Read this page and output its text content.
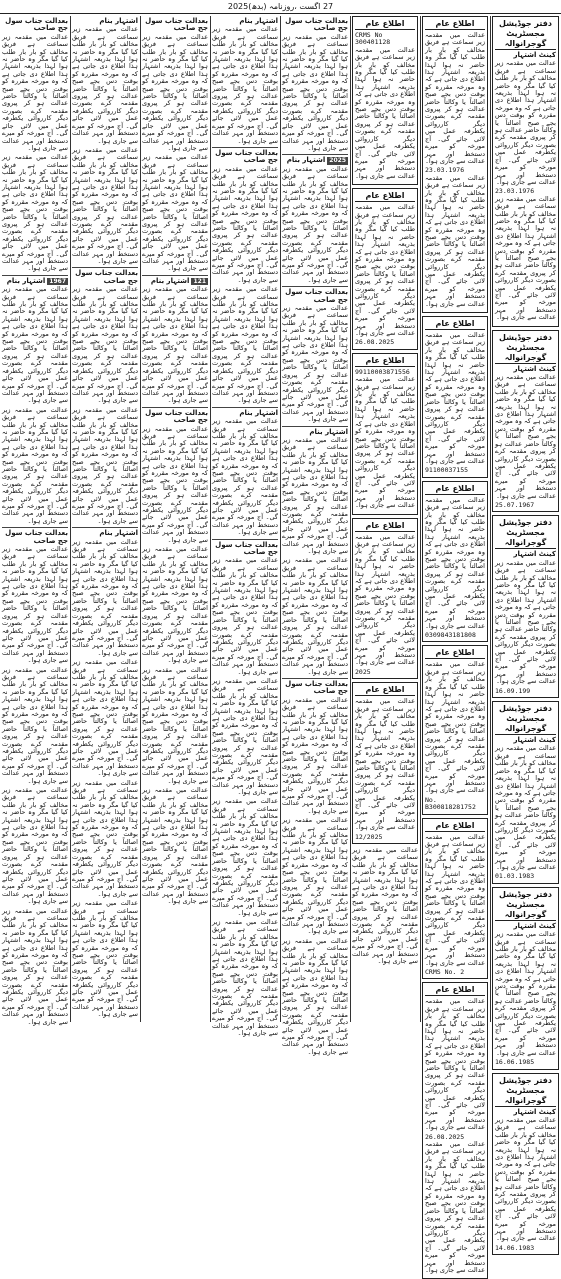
2025(بدھ) 27 اگست ،روزنامہ
دفتر جوڈیشل مجسٹریٹ گوجرانوالہ
کینٹ اشتہار
عدالت میں مقدمہ زیر سماعت ہے فریق مخالف کو بار بار طلب کیا گیا مگر وہ حاضر نہ ہوا لہذا بذریعہ اشتہار ہذا اطلاع دی جاتی ہے کہ وہ مورخہ مقررہ کو بوقت دس بجے صبح اصالتاً یا وکالتاً حاضر عدالت ہو کر پیروی مقدمہ کرے بصورت دیگر کارروائی یکطرفہ عمل میں لائی جائے گی۔ آج مورخہ کو میرے دستخط اور مہر عدالت سے جاری ہوا۔
23.03.1976
عدالت میں مقدمہ زیر سماعت ہے فریق مخالف کو بار بار طلب کیا گیا مگر وہ حاضر نہ ہوا لہذا بذریعہ اشتہار ہذا اطلاع دی جاتی ہے کہ وہ مورخہ مقررہ کو بوقت دس بجے صبح اصالتاً یا وکالتاً حاضر عدالت ہو کر پیروی مقدمہ کرے بصورت دیگر کارروائی یکطرفہ عمل میں لائی جائے گی۔ آج مورخہ کو میرے دستخط اور مہر عدالت سے جاری ہوا۔
دفتر جوڈیشل مجسٹریٹ گوجرانوالہ
کینٹ اشتہار
عدالت میں مقدمہ زیر سماعت ہے فریق مخالف کو بار بار طلب کیا گیا مگر وہ حاضر نہ ہوا لہذا بذریعہ اشتہار ہذا اطلاع دی جاتی ہے کہ وہ مورخہ مقررہ کو بوقت دس بجے صبح اصالتاً یا وکالتاً حاضر عدالت ہو کر پیروی مقدمہ کرے بصورت دیگر کارروائی یکطرفہ عمل میں لائی جائے گی۔ آج مورخہ کو میرے دستخط اور مہر عدالت سے جاری ہوا۔
25.07.1967
دفتر جوڈیشل مجسٹریٹ گوجرانوالہ
کینٹ اشتہار
عدالت میں مقدمہ زیر سماعت ہے فریق مخالف کو بار بار طلب کیا گیا مگر وہ حاضر نہ ہوا لہذا بذریعہ اشتہار ہذا اطلاع دی جاتی ہے کہ وہ مورخہ مقررہ کو بوقت دس بجے صبح اصالتاً یا وکالتاً حاضر عدالت ہو کر پیروی مقدمہ کرے بصورت دیگر کارروائی یکطرفہ عمل میں لائی جائے گی۔ آج مورخہ کو میرے دستخط اور مہر عدالت سے جاری ہوا۔
16.09.199
دفتر جوڈیشل مجسٹریٹ گوجرانوالہ
کینٹ اشتہار
عدالت میں مقدمہ زیر سماعت ہے فریق مخالف کو بار بار طلب کیا گیا مگر وہ حاضر نہ ہوا لہذا بذریعہ اشتہار ہذا اطلاع دی جاتی ہے کہ وہ مورخہ مقررہ کو بوقت دس بجے صبح اصالتاً یا وکالتاً حاضر عدالت ہو کر پیروی مقدمہ کرے بصورت دیگر کارروائی یکطرفہ عمل میں لائی جائے گی۔ آج مورخہ کو میرے دستخط اور مہر عدالت سے جاری ہوا۔
01.03.1983
دفتر جوڈیشل مجسٹریٹ گوجرانوالہ
کینٹ اشتہار
عدالت میں مقدمہ زیر سماعت ہے فریق مخالف کو بار بار طلب کیا گیا مگر وہ حاضر نہ ہوا لہذا بذریعہ اشتہار ہذا اطلاع دی جاتی ہے کہ وہ مورخہ مقررہ کو بوقت دس بجے صبح اصالتاً یا وکالتاً حاضر عدالت ہو کر پیروی مقدمہ کرے بصورت دیگر کارروائی یکطرفہ عمل میں لائی جائے گی۔ آج مورخہ کو میرے دستخط اور مہر عدالت سے جاری ہوا۔
16.06.1985
دفتر جوڈیشل مجسٹریٹ گوجرانوالہ
کینٹ اشتہار
عدالت میں مقدمہ زیر سماعت ہے فریق مخالف کو بار بار طلب کیا گیا مگر وہ حاضر نہ ہوا لہذا بذریعہ اشتہار ہذا اطلاع دی جاتی ہے کہ وہ مورخہ مقررہ کو بوقت دس بجے صبح اصالتاً یا وکالتاً حاضر عدالت ہو کر پیروی مقدمہ کرے بصورت دیگر کارروائی یکطرفہ عمل میں لائی جائے گی۔ آج مورخہ کو میرے دستخط اور مہر عدالت سے جاری ہوا۔
14.06.1983
اطلاع عام
عدالت میں مقدمہ زیر سماعت ہے فریق مخالف کو بار بار طلب کیا گیا مگر وہ حاضر نہ ہوا لہذا بذریعہ اشتہار ہذا اطلاع دی جاتی ہے کہ وہ مورخہ مقررہ کو بوقت دس بجے صبح اصالتاً یا وکالتاً حاضر عدالت ہو کر پیروی مقدمہ کرے بصورت دیگر کارروائی یکطرفہ عمل میں لائی جائے گی۔ آج مورخہ کو میرے دستخط اور مہر عدالت سے جاری ہوا۔
23.03.1976
عدالت میں مقدمہ زیر سماعت ہے فریق مخالف کو بار بار طلب کیا گیا مگر وہ حاضر نہ ہوا لہذا بذریعہ اشتہار ہذا اطلاع دی جاتی ہے کہ وہ مورخہ مقررہ کو بوقت دس بجے صبح اصالتاً یا وکالتاً حاضر عدالت ہو کر پیروی مقدمہ کرے بصورت دیگر کارروائی یکطرفہ عمل میں لائی جائے گی۔ آج مورخہ کو میرے دستخط اور مہر عدالت سے جاری ہوا۔
اطلاع عام
عدالت میں مقدمہ زیر سماعت ہے فریق مخالف کو بار بار طلب کیا گیا مگر وہ حاضر نہ ہوا لہذا بذریعہ اشتہار ہذا اطلاع دی جاتی ہے کہ وہ مورخہ مقررہ کو بوقت دس بجے صبح اصالتاً یا وکالتاً حاضر عدالت ہو کر پیروی مقدمہ کرے بصورت دیگر کارروائی یکطرفہ عمل میں لائی جائے گی۔ آج مورخہ کو میرے دستخط اور مہر عدالت سے جاری ہوا۔
91100037155
اطلاع عام
عدالت میں مقدمہ زیر سماعت ہے فریق مخالف کو بار بار طلب کیا گیا مگر وہ حاضر نہ ہوا لہذا بذریعہ اشتہار ہذا اطلاع دی جاتی ہے کہ وہ مورخہ مقررہ کو بوقت دس بجے صبح اصالتاً یا وکالتاً حاضر عدالت ہو کر پیروی مقدمہ کرے بصورت دیگر کارروائی یکطرفہ عمل میں لائی جائے گی۔ آج مورخہ کو میرے دستخط اور مہر عدالت سے جاری ہوا۔
0309843181808
اطلاع عام
عدالت میں مقدمہ زیر سماعت ہے فریق مخالف کو بار بار طلب کیا گیا مگر وہ حاضر نہ ہوا لہذا بذریعہ اشتہار ہذا اطلاع دی جاتی ہے کہ وہ مورخہ مقررہ کو بوقت دس بجے صبح اصالتاً یا وکالتاً حاضر عدالت ہو کر پیروی مقدمہ کرے بصورت دیگر کارروائی یکطرفہ عمل میں لائی جائے گی۔ آج مورخہ کو میرے دستخط اور مہر عدالت سے جاری ہوا۔
No. B300818281752
اطلاع عام
عدالت میں مقدمہ زیر سماعت ہے فریق مخالف کو بار بار طلب کیا گیا مگر وہ حاضر نہ ہوا لہذا بذریعہ اشتہار ہذا اطلاع دی جاتی ہے کہ وہ مورخہ مقررہ کو بوقت دس بجے صبح اصالتاً یا وکالتاً حاضر عدالت ہو کر پیروی مقدمہ کرے بصورت دیگر کارروائی یکطرفہ عمل میں لائی جائے گی۔ آج مورخہ کو میرے دستخط اور مہر عدالت سے جاری ہوا۔
CRMS No. 2
اطلاع عام
عدالت میں مقدمہ زیر سماعت ہے فریق مخالف کو بار بار طلب کیا گیا مگر وہ حاضر نہ ہوا لہذا بذریعہ اشتہار ہذا اطلاع دی جاتی ہے کہ وہ مورخہ مقررہ کو بوقت دس بجے صبح اصالتاً یا وکالتاً حاضر عدالت ہو کر پیروی مقدمہ کرے بصورت دیگر کارروائی یکطرفہ عمل میں لائی جائے گی۔ آج مورخہ کو میرے دستخط اور مہر عدالت سے جاری ہوا۔
26.08.2025
عدالت میں مقدمہ زیر سماعت ہے فریق مخالف کو بار بار طلب کیا گیا مگر وہ حاضر نہ ہوا لہذا بذریعہ اشتہار ہذا اطلاع دی جاتی ہے کہ وہ مورخہ مقررہ کو بوقت دس بجے صبح اصالتاً یا وکالتاً حاضر عدالت ہو کر پیروی مقدمہ کرے بصورت دیگر کارروائی یکطرفہ عمل میں لائی جائے گی۔ آج مورخہ کو میرے دستخط اور مہر عدالت سے جاری ہوا۔
اطلاع عام
CRMS No 300401128
عدالت میں مقدمہ زیر سماعت ہے فریق مخالف کو بار بار طلب کیا گیا مگر وہ حاضر نہ ہوا لہذا بذریعہ اشتہار ہذا اطلاع دی جاتی ہے کہ وہ مورخہ مقررہ کو بوقت دس بجے صبح اصالتاً یا وکالتاً حاضر عدالت ہو کر پیروی مقدمہ کرے بصورت دیگر کارروائی یکطرفہ عمل میں لائی جائے گی۔ آج مورخہ کو میرے دستخط اور مہر عدالت سے جاری ہوا۔
اطلاع عام
عدالت میں مقدمہ زیر سماعت ہے فریق مخالف کو بار بار طلب کیا گیا مگر وہ حاضر نہ ہوا لہذا بذریعہ اشتہار ہذا اطلاع دی جاتی ہے کہ وہ مورخہ مقررہ کو بوقت دس بجے صبح اصالتاً یا وکالتاً حاضر عدالت ہو کر پیروی مقدمہ کرے بصورت دیگر کارروائی یکطرفہ عمل میں لائی جائے گی۔ آج مورخہ کو میرے دستخط اور مہر عدالت سے جاری ہوا۔
26.08.2025
اطلاع عام
99110003871556
عدالت میں مقدمہ زیر سماعت ہے فریق مخالف کو بار بار طلب کیا گیا مگر وہ حاضر نہ ہوا لہذا بذریعہ اشتہار ہذا اطلاع دی جاتی ہے کہ وہ مورخہ مقررہ کو بوقت دس بجے صبح اصالتاً یا وکالتاً حاضر عدالت ہو کر پیروی مقدمہ کرے بصورت دیگر کارروائی یکطرفہ عمل میں لائی جائے گی۔ آج مورخہ کو میرے دستخط اور مہر عدالت سے جاری ہوا۔
اطلاع عام
عدالت میں مقدمہ زیر سماعت ہے فریق مخالف کو بار بار طلب کیا گیا مگر وہ حاضر نہ ہوا لہذا بذریعہ اشتہار ہذا اطلاع دی جاتی ہے کہ وہ مورخہ مقررہ کو بوقت دس بجے صبح اصالتاً یا وکالتاً حاضر عدالت ہو کر پیروی مقدمہ کرے بصورت دیگر کارروائی یکطرفہ عمل میں لائی جائے گی۔ آج مورخہ کو میرے دستخط اور مہر عدالت سے جاری ہوا۔
2025
اطلاع عام
عدالت میں مقدمہ زیر سماعت ہے فریق مخالف کو بار بار طلب کیا گیا مگر وہ حاضر نہ ہوا لہذا بذریعہ اشتہار ہذا اطلاع دی جاتی ہے کہ وہ مورخہ مقررہ کو بوقت دس بجے صبح اصالتاً یا وکالتاً حاضر عدالت ہو کر پیروی مقدمہ کرے بصورت دیگر کارروائی یکطرفہ عمل میں لائی جائے گی۔ آج مورخہ کو میرے دستخط اور مہر عدالت سے جاری ہوا۔
12/2025
عدالت میں مقدمہ زیر سماعت ہے فریق مخالف کو بار بار طلب کیا گیا مگر وہ حاضر نہ ہوا لہذا بذریعہ اشتہار ہذا اطلاع دی جاتی ہے کہ وہ مورخہ مقررہ کو بوقت دس بجے صبح اصالتاً یا وکالتاً حاضر عدالت ہو کر پیروی مقدمہ کرے بصورت دیگر کارروائی یکطرفہ عمل میں لائی جائے گی۔ آج مورخہ کو میرے دستخط اور مہر عدالت سے جاری ہوا۔
بعدالت جناب سول جج صاحب
عدالت میں مقدمہ زیر سماعت ہے فریق مخالف کو بار بار طلب کیا گیا مگر وہ حاضر نہ ہوا لہذا بذریعہ اشتہار ہذا اطلاع دی جاتی ہے کہ وہ مورخہ مقررہ کو بوقت دس بجے صبح اصالتاً یا وکالتاً حاضر عدالت ہو کر پیروی مقدمہ کرے بصورت دیگر کارروائی یکطرفہ عمل میں لائی جائے گی۔ آج مورخہ کو میرے دستخط اور مہر عدالت سے جاری ہوا۔
2025اشتہار بنام
عدالت میں مقدمہ زیر سماعت ہے فریق مخالف کو بار بار طلب کیا گیا مگر وہ حاضر نہ ہوا لہذا بذریعہ اشتہار ہذا اطلاع دی جاتی ہے کہ وہ مورخہ مقررہ کو بوقت دس بجے صبح اصالتاً یا وکالتاً حاضر عدالت ہو کر پیروی مقدمہ کرے بصورت دیگر کارروائی یکطرفہ عمل میں لائی جائے گی۔ آج مورخہ کو میرے دستخط اور مہر عدالت سے جاری ہوا۔
بعدالت جناب سول جج صاحب
عدالت میں مقدمہ زیر سماعت ہے فریق مخالف کو بار بار طلب کیا گیا مگر وہ حاضر نہ ہوا لہذا بذریعہ اشتہار ہذا اطلاع دی جاتی ہے کہ وہ مورخہ مقررہ کو بوقت دس بجے صبح اصالتاً یا وکالتاً حاضر عدالت ہو کر پیروی مقدمہ کرے بصورت دیگر کارروائی یکطرفہ عمل میں لائی جائے گی۔ آج مورخہ کو میرے دستخط اور مہر عدالت سے جاری ہوا۔
اشتہار بنام
عدالت میں مقدمہ زیر سماعت ہے فریق مخالف کو بار بار طلب کیا گیا مگر وہ حاضر نہ ہوا لہذا بذریعہ اشتہار ہذا اطلاع دی جاتی ہے کہ وہ مورخہ مقررہ کو بوقت دس بجے صبح اصالتاً یا وکالتاً حاضر عدالت ہو کر پیروی مقدمہ کرے بصورت دیگر کارروائی یکطرفہ عمل میں لائی جائے گی۔ آج مورخہ کو میرے دستخط اور مہر عدالت سے جاری ہوا۔
عدالت میں مقدمہ زیر سماعت ہے فریق مخالف کو بار بار طلب کیا گیا مگر وہ حاضر نہ ہوا لہذا بذریعہ اشتہار ہذا اطلاع دی جاتی ہے کہ وہ مورخہ مقررہ کو بوقت دس بجے صبح اصالتاً یا وکالتاً حاضر عدالت ہو کر پیروی مقدمہ کرے بصورت دیگر کارروائی یکطرفہ عمل میں لائی جائے گی۔ آج مورخہ کو میرے دستخط اور مہر عدالت سے جاری ہوا۔
بعدالت جناب سول جج صاحب
عدالت میں مقدمہ زیر سماعت ہے فریق مخالف کو بار بار طلب کیا گیا مگر وہ حاضر نہ ہوا لہذا بذریعہ اشتہار ہذا اطلاع دی جاتی ہے کہ وہ مورخہ مقررہ کو بوقت دس بجے صبح اصالتاً یا وکالتاً حاضر عدالت ہو کر پیروی مقدمہ کرے بصورت دیگر کارروائی یکطرفہ عمل میں لائی جائے گی۔ آج مورخہ کو میرے دستخط اور مہر عدالت سے جاری ہوا۔
عدالت میں مقدمہ زیر سماعت ہے فریق مخالف کو بار بار طلب کیا گیا مگر وہ حاضر نہ ہوا لہذا بذریعہ اشتہار ہذا اطلاع دی جاتی ہے کہ وہ مورخہ مقررہ کو بوقت دس بجے صبح اصالتاً یا وکالتاً حاضر عدالت ہو کر پیروی مقدمہ کرے بصورت دیگر کارروائی یکطرفہ عمل میں لائی جائے گی۔ آج مورخہ کو میرے دستخط اور مہر عدالت سے جاری ہوا۔
عدالت میں مقدمہ زیر سماعت ہے فریق مخالف کو بار بار طلب کیا گیا مگر وہ حاضر نہ ہوا لہذا بذریعہ اشتہار ہذا اطلاع دی جاتی ہے کہ وہ مورخہ مقررہ کو بوقت دس بجے صبح اصالتاً یا وکالتاً حاضر عدالت ہو کر پیروی مقدمہ کرے بصورت دیگر کارروائی یکطرفہ عمل میں لائی جائے گی۔ آج مورخہ کو میرے دستخط اور مہر عدالت سے جاری ہوا۔
اشتہار بنام
عدالت میں مقدمہ زیر سماعت ہے فریق مخالف کو بار بار طلب کیا گیا مگر وہ حاضر نہ ہوا لہذا بذریعہ اشتہار ہذا اطلاع دی جاتی ہے کہ وہ مورخہ مقررہ کو بوقت دس بجے صبح اصالتاً یا وکالتاً حاضر عدالت ہو کر پیروی مقدمہ کرے بصورت دیگر کارروائی یکطرفہ عمل میں لائی جائے گی۔ آج مورخہ کو میرے دستخط اور مہر عدالت سے جاری ہوا۔
بعدالت جناب سول جج صاحب
عدالت میں مقدمہ زیر سماعت ہے فریق مخالف کو بار بار طلب کیا گیا مگر وہ حاضر نہ ہوا لہذا بذریعہ اشتہار ہذا اطلاع دی جاتی ہے کہ وہ مورخہ مقررہ کو بوقت دس بجے صبح اصالتاً یا وکالتاً حاضر عدالت ہو کر پیروی مقدمہ کرے بصورت دیگر کارروائی یکطرفہ عمل میں لائی جائے گی۔ آج مورخہ کو میرے دستخط اور مہر عدالت سے جاری ہوا۔
عدالت میں مقدمہ زیر سماعت ہے فریق مخالف کو بار بار طلب کیا گیا مگر وہ حاضر نہ ہوا لہذا بذریعہ اشتہار ہذا اطلاع دی جاتی ہے کہ وہ مورخہ مقررہ کو بوقت دس بجے صبح اصالتاً یا وکالتاً حاضر عدالت ہو کر پیروی مقدمہ کرے بصورت دیگر کارروائی یکطرفہ عمل میں لائی جائے گی۔ آج مورخہ کو میرے دستخط اور مہر عدالت سے جاری ہوا۔
اشتہار بنام
عدالت میں مقدمہ زیر سماعت ہے فریق مخالف کو بار بار طلب کیا گیا مگر وہ حاضر نہ ہوا لہذا بذریعہ اشتہار ہذا اطلاع دی جاتی ہے کہ وہ مورخہ مقررہ کو بوقت دس بجے صبح اصالتاً یا وکالتاً حاضر عدالت ہو کر پیروی مقدمہ کرے بصورت دیگر کارروائی یکطرفہ عمل میں لائی جائے گی۔ آج مورخہ کو میرے دستخط اور مہر عدالت سے جاری ہوا۔
بعدالت جناب سول جج صاحب
عدالت میں مقدمہ زیر سماعت ہے فریق مخالف کو بار بار طلب کیا گیا مگر وہ حاضر نہ ہوا لہذا بذریعہ اشتہار ہذا اطلاع دی جاتی ہے کہ وہ مورخہ مقررہ کو بوقت دس بجے صبح اصالتاً یا وکالتاً حاضر عدالت ہو کر پیروی مقدمہ کرے بصورت دیگر کارروائی یکطرفہ عمل میں لائی جائے گی۔ آج مورخہ کو میرے دستخط اور مہر عدالت سے جاری ہوا۔
عدالت میں مقدمہ زیر سماعت ہے فریق مخالف کو بار بار طلب کیا گیا مگر وہ حاضر نہ ہوا لہذا بذریعہ اشتہار ہذا اطلاع دی جاتی ہے کہ وہ مورخہ مقررہ کو بوقت دس بجے صبح اصالتاً یا وکالتاً حاضر عدالت ہو کر پیروی مقدمہ کرے بصورت دیگر کارروائی یکطرفہ عمل میں لائی جائے گی۔ آج مورخہ کو میرے دستخط اور مہر عدالت سے جاری ہوا۔
عدالت میں مقدمہ زیر سماعت ہے فریق مخالف کو بار بار طلب کیا گیا مگر وہ حاضر نہ ہوا لہذا بذریعہ اشتہار ہذا اطلاع دی جاتی ہے کہ وہ مورخہ مقررہ کو بوقت دس بجے صبح اصالتاً یا وکالتاً حاضر عدالت ہو کر پیروی مقدمہ کرے بصورت دیگر کارروائی یکطرفہ عمل میں لائی جائے گی۔ آج مورخہ کو میرے دستخط اور مہر عدالت سے جاری ہوا۔
عدالت میں مقدمہ زیر سماعت ہے فریق مخالف کو بار بار طلب کیا گیا مگر وہ حاضر نہ ہوا لہذا بذریعہ اشتہار ہذا اطلاع دی جاتی ہے کہ وہ مورخہ مقررہ کو بوقت دس بجے صبح اصالتاً یا وکالتاً حاضر عدالت ہو کر پیروی مقدمہ کرے بصورت دیگر کارروائی یکطرفہ عمل میں لائی جائے گی۔ آج مورخہ کو میرے دستخط اور مہر عدالت سے جاری ہوا۔
بعدالت جناب سول جج صاحب
عدالت میں مقدمہ زیر سماعت ہے فریق مخالف کو بار بار طلب کیا گیا مگر وہ حاضر نہ ہوا لہذا بذریعہ اشتہار ہذا اطلاع دی جاتی ہے کہ وہ مورخہ مقررہ کو بوقت دس بجے صبح اصالتاً یا وکالتاً حاضر عدالت ہو کر پیروی مقدمہ کرے بصورت دیگر کارروائی یکطرفہ عمل میں لائی جائے گی۔ آج مورخہ کو میرے دستخط اور مہر عدالت سے جاری ہوا۔
عدالت میں مقدمہ زیر سماعت ہے فریق مخالف کو بار بار طلب کیا گیا مگر وہ حاضر نہ ہوا لہذا بذریعہ اشتہار ہذا اطلاع دی جاتی ہے کہ وہ مورخہ مقررہ کو بوقت دس بجے صبح اصالتاً یا وکالتاً حاضر عدالت ہو کر پیروی مقدمہ کرے بصورت دیگر کارروائی یکطرفہ عمل میں لائی جائے گی۔ آج مورخہ کو میرے دستخط اور مہر عدالت سے جاری ہوا۔
121اشتہار بنام
عدالت میں مقدمہ زیر سماعت ہے فریق مخالف کو بار بار طلب کیا گیا مگر وہ حاضر نہ ہوا لہذا بذریعہ اشتہار ہذا اطلاع دی جاتی ہے کہ وہ مورخہ مقررہ کو بوقت دس بجے صبح اصالتاً یا وکالتاً حاضر عدالت ہو کر پیروی مقدمہ کرے بصورت دیگر کارروائی یکطرفہ عمل میں لائی جائے گی۔ آج مورخہ کو میرے دستخط اور مہر عدالت سے جاری ہوا۔
بعدالت جناب سول جج صاحب
عدالت میں مقدمہ زیر سماعت ہے فریق مخالف کو بار بار طلب کیا گیا مگر وہ حاضر نہ ہوا لہذا بذریعہ اشتہار ہذا اطلاع دی جاتی ہے کہ وہ مورخہ مقررہ کو بوقت دس بجے صبح اصالتاً یا وکالتاً حاضر عدالت ہو کر پیروی مقدمہ کرے بصورت دیگر کارروائی یکطرفہ عمل میں لائی جائے گی۔ آج مورخہ کو میرے دستخط اور مہر عدالت سے جاری ہوا۔
عدالت میں مقدمہ زیر سماعت ہے فریق مخالف کو بار بار طلب کیا گیا مگر وہ حاضر نہ ہوا لہذا بذریعہ اشتہار ہذا اطلاع دی جاتی ہے کہ وہ مورخہ مقررہ کو بوقت دس بجے صبح اصالتاً یا وکالتاً حاضر عدالت ہو کر پیروی مقدمہ کرے بصورت دیگر کارروائی یکطرفہ عمل میں لائی جائے گی۔ آج مورخہ کو میرے دستخط اور مہر عدالت سے جاری ہوا۔
عدالت میں مقدمہ زیر سماعت ہے فریق مخالف کو بار بار طلب کیا گیا مگر وہ حاضر نہ ہوا لہذا بذریعہ اشتہار ہذا اطلاع دی جاتی ہے کہ وہ مورخہ مقررہ کو بوقت دس بجے صبح اصالتاً یا وکالتاً حاضر عدالت ہو کر پیروی مقدمہ کرے بصورت دیگر کارروائی یکطرفہ عمل میں لائی جائے گی۔ آج مورخہ کو میرے دستخط اور مہر عدالت سے جاری ہوا۔
عدالت میں مقدمہ زیر سماعت ہے فریق مخالف کو بار بار طلب کیا گیا مگر وہ حاضر نہ ہوا لہذا بذریعہ اشتہار ہذا اطلاع دی جاتی ہے کہ وہ مورخہ مقررہ کو بوقت دس بجے صبح اصالتاً یا وکالتاً حاضر عدالت ہو کر پیروی مقدمہ کرے بصورت دیگر کارروائی یکطرفہ عمل میں لائی جائے گی۔ آج مورخہ کو میرے دستخط اور مہر عدالت سے جاری ہوا۔
اشتہار بنام
عدالت میں مقدمہ زیر سماعت ہے فریق مخالف کو بار بار طلب کیا گیا مگر وہ حاضر نہ ہوا لہذا بذریعہ اشتہار ہذا اطلاع دی جاتی ہے کہ وہ مورخہ مقررہ کو بوقت دس بجے صبح اصالتاً یا وکالتاً حاضر عدالت ہو کر پیروی مقدمہ کرے بصورت دیگر کارروائی یکطرفہ عمل میں لائی جائے گی۔ آج مورخہ کو میرے دستخط اور مہر عدالت سے جاری ہوا۔
عدالت میں مقدمہ زیر سماعت ہے فریق مخالف کو بار بار طلب کیا گیا مگر وہ حاضر نہ ہوا لہذا بذریعہ اشتہار ہذا اطلاع دی جاتی ہے کہ وہ مورخہ مقررہ کو بوقت دس بجے صبح اصالتاً یا وکالتاً حاضر عدالت ہو کر پیروی مقدمہ کرے بصورت دیگر کارروائی یکطرفہ عمل میں لائی جائے گی۔ آج مورخہ کو میرے دستخط اور مہر عدالت سے جاری ہوا۔
بعدالت جناب سول جج صاحب
عدالت میں مقدمہ زیر سماعت ہے فریق مخالف کو بار بار طلب کیا گیا مگر وہ حاضر نہ ہوا لہذا بذریعہ اشتہار ہذا اطلاع دی جاتی ہے کہ وہ مورخہ مقررہ کو بوقت دس بجے صبح اصالتاً یا وکالتاً حاضر عدالت ہو کر پیروی مقدمہ کرے بصورت دیگر کارروائی یکطرفہ عمل میں لائی جائے گی۔ آج مورخہ کو میرے دستخط اور مہر عدالت سے جاری ہوا۔
عدالت میں مقدمہ زیر سماعت ہے فریق مخالف کو بار بار طلب کیا گیا مگر وہ حاضر نہ ہوا لہذا بذریعہ اشتہار ہذا اطلاع دی جاتی ہے کہ وہ مورخہ مقررہ کو بوقت دس بجے صبح اصالتاً یا وکالتاً حاضر عدالت ہو کر پیروی مقدمہ کرے بصورت دیگر کارروائی یکطرفہ عمل میں لائی جائے گی۔ آج مورخہ کو میرے دستخط اور مہر عدالت سے جاری ہوا۔
اشتہار بنام
عدالت میں مقدمہ زیر سماعت ہے فریق مخالف کو بار بار طلب کیا گیا مگر وہ حاضر نہ ہوا لہذا بذریعہ اشتہار ہذا اطلاع دی جاتی ہے کہ وہ مورخہ مقررہ کو بوقت دس بجے صبح اصالتاً یا وکالتاً حاضر عدالت ہو کر پیروی مقدمہ کرے بصورت دیگر کارروائی یکطرفہ عمل میں لائی جائے گی۔ آج مورخہ کو میرے دستخط اور مہر عدالت سے جاری ہوا۔
عدالت میں مقدمہ زیر سماعت ہے فریق مخالف کو بار بار طلب کیا گیا مگر وہ حاضر نہ ہوا لہذا بذریعہ اشتہار ہذا اطلاع دی جاتی ہے کہ وہ مورخہ مقررہ کو بوقت دس بجے صبح اصالتاً یا وکالتاً حاضر عدالت ہو کر پیروی مقدمہ کرے بصورت دیگر کارروائی یکطرفہ عمل میں لائی جائے گی۔ آج مورخہ کو میرے دستخط اور مہر عدالت سے جاری ہوا۔
عدالت میں مقدمہ زیر سماعت ہے فریق مخالف کو بار بار طلب کیا گیا مگر وہ حاضر نہ ہوا لہذا بذریعہ اشتہار ہذا اطلاع دی جاتی ہے کہ وہ مورخہ مقررہ کو بوقت دس بجے صبح اصالتاً یا وکالتاً حاضر عدالت ہو کر پیروی مقدمہ کرے بصورت دیگر کارروائی یکطرفہ عمل میں لائی جائے گی۔ آج مورخہ کو میرے دستخط اور مہر عدالت سے جاری ہوا۔
عدالت میں مقدمہ زیر سماعت ہے فریق مخالف کو بار بار طلب کیا گیا مگر وہ حاضر نہ ہوا لہذا بذریعہ اشتہار ہذا اطلاع دی جاتی ہے کہ وہ مورخہ مقررہ کو بوقت دس بجے صبح اصالتاً یا وکالتاً حاضر عدالت ہو کر پیروی مقدمہ کرے بصورت دیگر کارروائی یکطرفہ عمل میں لائی جائے گی۔ آج مورخہ کو میرے دستخط اور مہر عدالت سے جاری ہوا۔
بعدالت جناب سول جج صاحب
عدالت میں مقدمہ زیر سماعت ہے فریق مخالف کو بار بار طلب کیا گیا مگر وہ حاضر نہ ہوا لہذا بذریعہ اشتہار ہذا اطلاع دی جاتی ہے کہ وہ مورخہ مقررہ کو بوقت دس بجے صبح اصالتاً یا وکالتاً حاضر عدالت ہو کر پیروی مقدمہ کرے بصورت دیگر کارروائی یکطرفہ عمل میں لائی جائے گی۔ آج مورخہ کو میرے دستخط اور مہر عدالت سے جاری ہوا۔
عدالت میں مقدمہ زیر سماعت ہے فریق مخالف کو بار بار طلب کیا گیا مگر وہ حاضر نہ ہوا لہذا بذریعہ اشتہار ہذا اطلاع دی جاتی ہے کہ وہ مورخہ مقررہ کو بوقت دس بجے صبح اصالتاً یا وکالتاً حاضر عدالت ہو کر پیروی مقدمہ کرے بصورت دیگر کارروائی یکطرفہ عمل میں لائی جائے گی۔ آج مورخہ کو میرے دستخط اور مہر عدالت سے جاری ہوا۔
1967اشتہار بنام
عدالت میں مقدمہ زیر سماعت ہے فریق مخالف کو بار بار طلب کیا گیا مگر وہ حاضر نہ ہوا لہذا بذریعہ اشتہار ہذا اطلاع دی جاتی ہے کہ وہ مورخہ مقررہ کو بوقت دس بجے صبح اصالتاً یا وکالتاً حاضر عدالت ہو کر پیروی مقدمہ کرے بصورت دیگر کارروائی یکطرفہ عمل میں لائی جائے گی۔ آج مورخہ کو میرے دستخط اور مہر عدالت سے جاری ہوا۔
عدالت میں مقدمہ زیر سماعت ہے فریق مخالف کو بار بار طلب کیا گیا مگر وہ حاضر نہ ہوا لہذا بذریعہ اشتہار ہذا اطلاع دی جاتی ہے کہ وہ مورخہ مقررہ کو بوقت دس بجے صبح اصالتاً یا وکالتاً حاضر عدالت ہو کر پیروی مقدمہ کرے بصورت دیگر کارروائی یکطرفہ عمل میں لائی جائے گی۔ آج مورخہ کو میرے دستخط اور مہر عدالت سے جاری ہوا۔
بعدالت جناب سول جج صاحب
عدالت میں مقدمہ زیر سماعت ہے فریق مخالف کو بار بار طلب کیا گیا مگر وہ حاضر نہ ہوا لہذا بذریعہ اشتہار ہذا اطلاع دی جاتی ہے کہ وہ مورخہ مقررہ کو بوقت دس بجے صبح اصالتاً یا وکالتاً حاضر عدالت ہو کر پیروی مقدمہ کرے بصورت دیگر کارروائی یکطرفہ عمل میں لائی جائے گی۔ آج مورخہ کو میرے دستخط اور مہر عدالت سے جاری ہوا۔
عدالت میں مقدمہ زیر سماعت ہے فریق مخالف کو بار بار طلب کیا گیا مگر وہ حاضر نہ ہوا لہذا بذریعہ اشتہار ہذا اطلاع دی جاتی ہے کہ وہ مورخہ مقررہ کو بوقت دس بجے صبح اصالتاً یا وکالتاً حاضر عدالت ہو کر پیروی مقدمہ کرے بصورت دیگر کارروائی یکطرفہ عمل میں لائی جائے گی۔ آج مورخہ کو میرے دستخط اور مہر عدالت سے جاری ہوا۔
عدالت میں مقدمہ زیر سماعت ہے فریق مخالف کو بار بار طلب کیا گیا مگر وہ حاضر نہ ہوا لہذا بذریعہ اشتہار ہذا اطلاع دی جاتی ہے کہ وہ مورخہ مقررہ کو بوقت دس بجے صبح اصالتاً یا وکالتاً حاضر عدالت ہو کر پیروی مقدمہ کرے بصورت دیگر کارروائی یکطرفہ عمل میں لائی جائے گی۔ آج مورخہ کو میرے دستخط اور مہر عدالت سے جاری ہوا۔
عدالت میں مقدمہ زیر سماعت ہے فریق مخالف کو بار بار طلب کیا گیا مگر وہ حاضر نہ ہوا لہذا بذریعہ اشتہار ہذا اطلاع دی جاتی ہے کہ وہ مورخہ مقررہ کو بوقت دس بجے صبح اصالتاً یا وکالتاً حاضر عدالت ہو کر پیروی مقدمہ کرے بصورت دیگر کارروائی یکطرفہ عمل میں لائی جائے گی۔ آج مورخہ کو میرے دستخط اور مہر عدالت سے جاری ہوا۔
